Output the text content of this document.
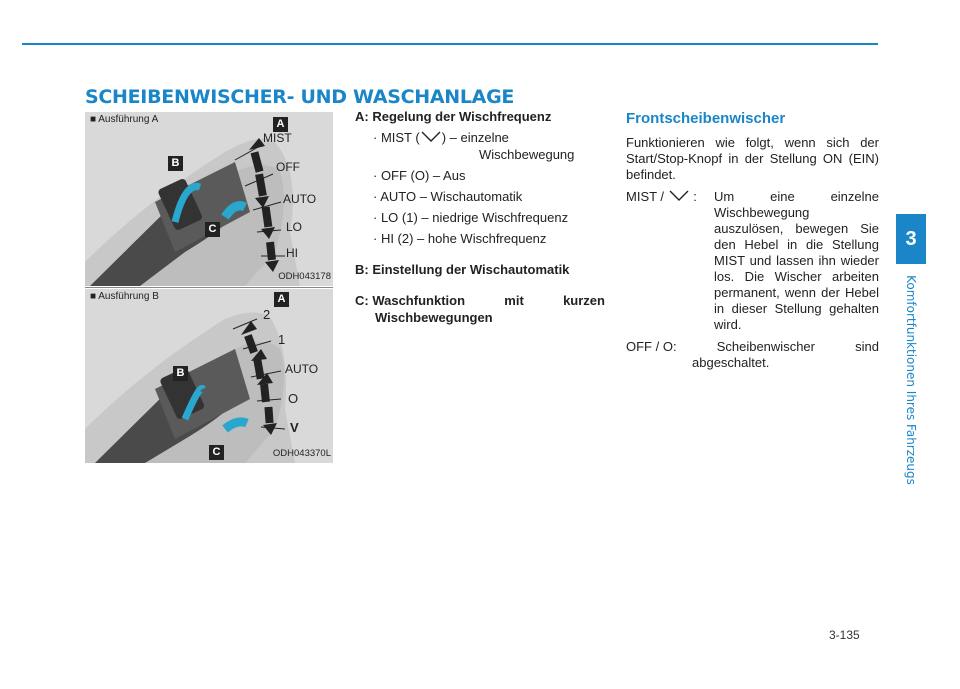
SCHEIBENWISCHER- UND WASCHANLAGE
3
Komfortfunktionen Ihres Fahrzeugs
■ Ausführung A	A
B
C
MIST
OFF
AUTO
LO
HI
ODH043178
■ Ausführung B	A
B
C
2
1
AUTO
O
V
ODH043370L
A: Regelung der Wischfrequenz
· MIST ( ) – einzelne
Wischbewegung
· OFF (O) – Aus
· AUTO – Wischautomatik
· LO (1) – niedrige Wischfrequenz
· HI (2) – hohe Wischfrequenz
B: Einstellung der Wischautomatik
C: Waschfunktion	mit	kurzen
Wischbewegungen
Frontscheibenwischer
Funktionieren wie folgt, wenn sich der Start/Stop-Knopf in der Stellung ON (EIN) befindet.
MIST / :	Um eine einzelne Wischbewegung auszulösen, bewegen Sie den Hebel in die Stellung MIST und lassen ihn wieder los. Die Wischer arbeiten permanent, wenn der Hebel in dieser Stellung gehalten wird.
OFF / O:	Scheibenwischer	sind
abgeschaltet.
3-135
